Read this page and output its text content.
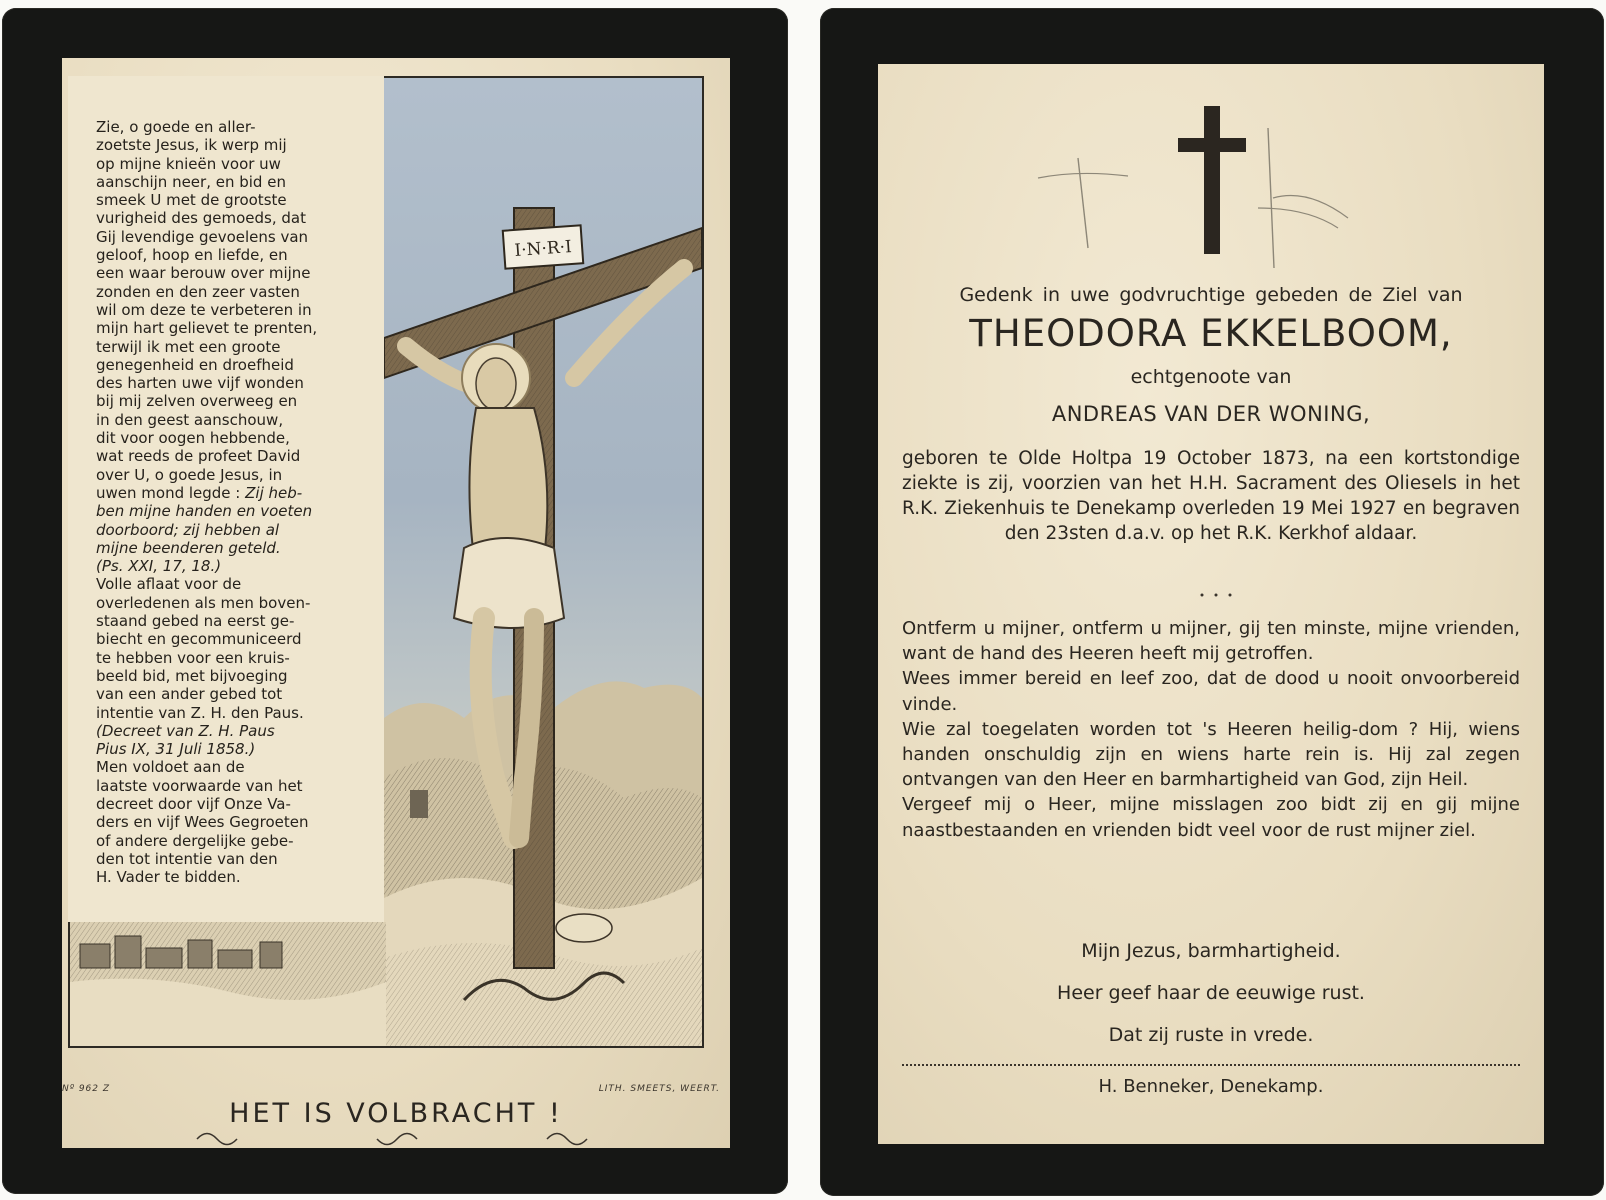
Zie, o goede en aller-
zoetste Jesus, ik werp mij
op mijne knieën voor uw
aanschijn neer, en bid en
smeek U met de grootste
vurigheid des gemoeds, dat
Gij levendige gevoelens van
geloof, hoop en liefde, en
een waar berouw over mijne
zonden en den zeer vasten
wil om deze te verbeteren in
mijn hart gelievet te prenten,
terwijl ik met een groote
genegenheid en droefheid
des harten uwe vijf wonden
bij mij zelven overweeg en
in den geest aanschouw,
dit voor oogen hebbende,
wat reeds de profeet David
over U, o goede Jesus, in
uwen mond legde : Zij heb-
ben mijne handen en voeten
doorboord; zij hebben al
mijne beenderen geteld.
(Ps. XXI, 17, 18.)
Volle aflaat voor de
overledenen als men boven-
staand gebed na eerst ge-
biecht en gecommuniceerd
te hebben voor een kruis-
beeld bid, met bijvoeging
van een ander gebed tot
intentie van Z. H. den Paus.
(Decreet van Z. H. Paus
Pius IX, 31 Juli 1858.)
Men voldoet aan de
laatste voorwaarde van het
decreet door vijf Onze Va-
ders en vijf Wees Gegroeten
of andere dergelijke gebe-
den tot intentie van den
H. Vader te bidden.
I·N·R·I
Nº 962 Z	LITH. SMEETS, WEERT.
HET IS VOLBRACHT !
Gedenk in uwe godvruchtige gebeden de Ziel van
THEODORA EKKELBOOM,
echtgenoote van
ANDREAS VAN DER WONING,
geboren te Olde Holtpa 19 October 1873, na een kortstondige ziekte is zij, voorzien van het H.H. Sacrament des Oliesels in het R.K. Ziekenhuis te Denekamp overleden 19 Mei 1927 en begraven den 23sten d.a.v. op het R.K. Kerkhof aldaar.
Ontferm u mijner, ontferm u mijner, gij ten minste, mijne vrienden, want de hand des Heeren heeft mij getroffen.
Wees immer bereid en leef zoo, dat de dood u nooit onvoorbereid vinde.
Wie zal toegelaten worden tot 's Heeren heilig-dom ? Hij, wiens handen onschuldig zijn en wiens harte rein is. Hij zal zegen ontvangen van den Heer en barmhartigheid van God, zijn Heil.
Vergeef mij o Heer, mijne misslagen zoo bidt zij en gij mijne naastbestaanden en vrienden bidt veel voor de rust mijner ziel.
Mijn Jezus, barmhartigheid.
Heer geef haar de eeuwige rust.
Dat zij ruste in vrede.
H. Benneker, Denekamp.
